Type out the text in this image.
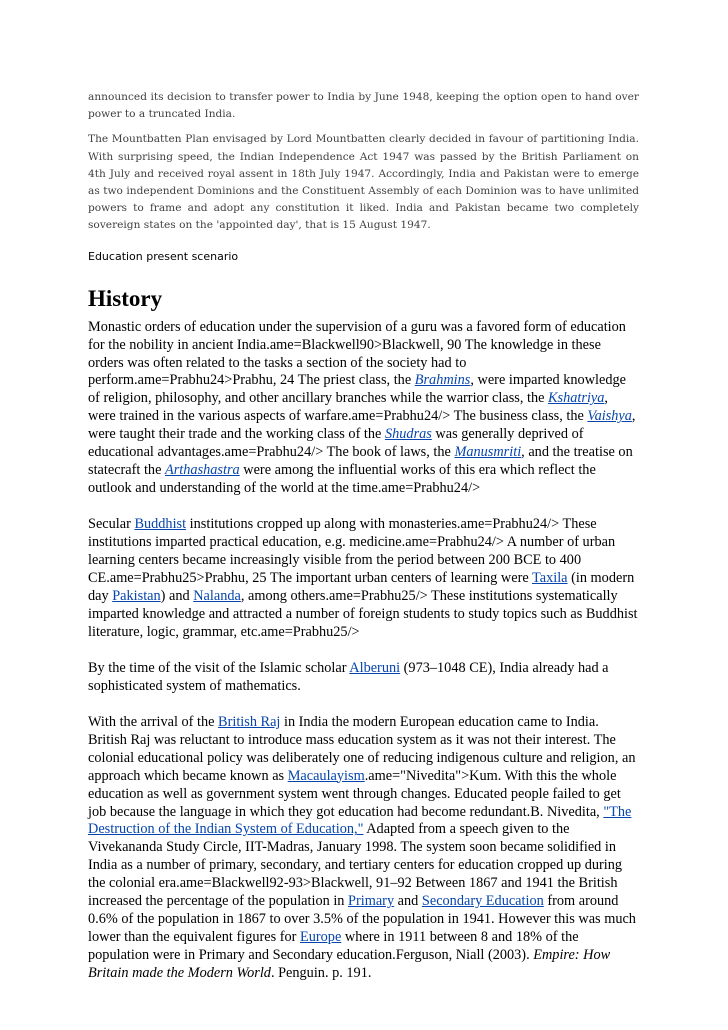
announced its decision to transfer power to India by June 1948, keeping the option open to hand over power to a truncated India.

The Mountbatten Plan envisaged by Lord Mountbatten clearly decided in favour of partitioning India. With surprising speed, the Indian Independence Act 1947 was passed by the British Parliament on 4th July and received royal assent in 18th July 1947. Accordingly, India and Pakistan were to emerge as two independent Dominions and the Constituent Assembly of each Dominion was to have unlimited powers to frame and adopt any constitution it liked. India and Pakistan became two completely sovereign states on the 'appointed day', that is 15 August 1947.

Education present scenario

History

Monastic orders of education under the supervision of a guru was a favored form of education for the nobility in ancient India.ame=Blackwell90>Blackwell, 90 The knowledge in these orders was often related to the tasks a section of the society had to perform.ame=Prabhu24>Prabhu, 24 The priest class, the Brahmins, were imparted knowledge of religion, philosophy, and other ancillary branches while the warrior class, the Kshatriya, were trained in the various aspects of warfare.ame=Prabhu24/> The business class, the Vaishya, were taught their trade and the working class of the Shudras was generally deprived of educational advantages.ame=Prabhu24/> The book of laws, the Manusmriti, and the treatise on statecraft the Arthashastra were among the influential works of this era which reflect the outlook and understanding of the world at the time.ame=Prabhu24/>

Secular Buddhist institutions cropped up along with monasteries.ame=Prabhu24/> These institutions imparted practical education, e.g. medicine.ame=Prabhu24/> A number of urban learning centers became increasingly visible from the period between 200 BCE to 400 CE.ame=Prabhu25>Prabhu, 25 The important urban centers of learning were Taxila (in modern day Pakistan) and Nalanda, among others.ame=Prabhu25/> These institutions systematically imparted knowledge and attracted a number of foreign students to study topics such as Buddhist literature, logic, grammar, etc.ame=Prabhu25/>

By the time of the visit of the Islamic scholar Alberuni (973–1048 CE), India already had a sophisticated system of mathematics.

With the arrival of the British Raj in India the modern European education came to India. British Raj was reluctant to introduce mass education system as it was not their interest. The colonial educational policy was deliberately one of reducing indigenous culture and religion, an approach which became known as Macaulayism.ame="Nivedita">Kum. With this the whole education as well as government system went through changes. Educated people failed to get job because the language in which they got education had become redundant.B. Nivedita, "The Destruction of the Indian System of Education," Adapted from a speech given to the Vivekananda Study Circle, IIT-Madras, January 1998. The system soon became solidified in India as a number of primary, secondary, and tertiary centers for education cropped up during the colonial era.ame=Blackwell92-93>Blackwell, 91–92 Between 1867 and 1941 the British increased the percentage of the population in Primary and Secondary Education from around 0.6% of the population in 1867 to over 3.5% of the population in 1941. However this was much lower than the equivalent figures for Europe where in 1911 between 8 and 18% of the population were in Primary and Secondary education.Ferguson, Niall (2003). Empire: How Britain made the Modern World. Penguin. p. 191.
